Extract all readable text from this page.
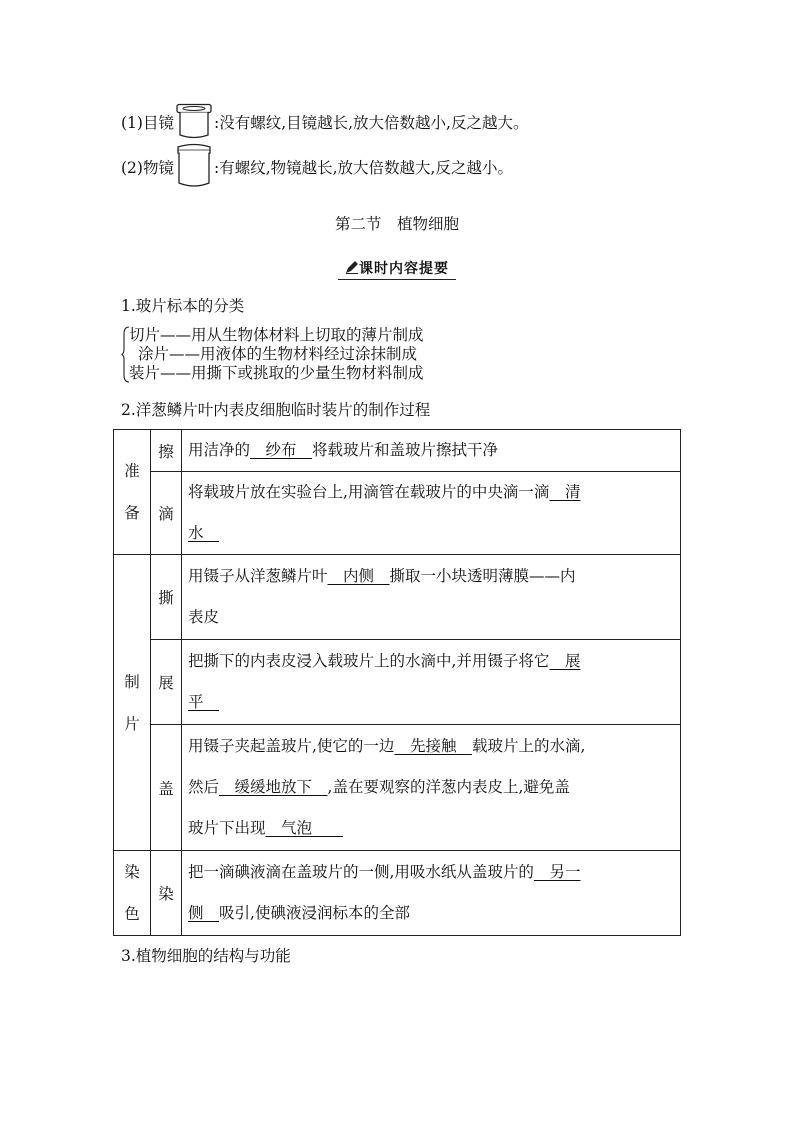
(1)目镜	:没有螺纹,目镜越长,放大倍数越小,反之越大。
(2)物镜	:有螺纹,物镜越长,放大倍数越大,反之越小。
第二节　植物细胞
课时内容提要
1.玻片标本的分类
切片——用从生物体材料上切取的薄片制成
涂片——用液体的生物材料经过涂抹制成
装片——用撕下或挑取的少量生物材料制成
2.洋葱鳞片叶内表皮细胞临时装片的制作过程
准
备	擦	用洁净的　纱布　将载玻片和盖玻片擦拭干净
	滴	将载玻片放在实验台上,用滴管在载玻片的中央滴一滴　清
水　

制
片	撕	用镊子从洋葱鳞片叶　内侧　撕取一小块透明薄膜——内
表皮
	展	把撕下的内表皮浸入载玻片上的水滴中,并用镊子将它　展
平　
	盖	用镊子夹起盖玻片,使它的一边　先接触　载玻片上的水滴,
然后　缓缓地放下　,盖在要观察的洋葱内表皮上,避免盖
玻片下出现　气泡　　

染
色	染	把一滴碘液滴在盖玻片的一侧,用吸水纸从盖玻片的　另一
侧　吸引,使碘液浸润标本的全部
3.植物细胞的结构与功能
